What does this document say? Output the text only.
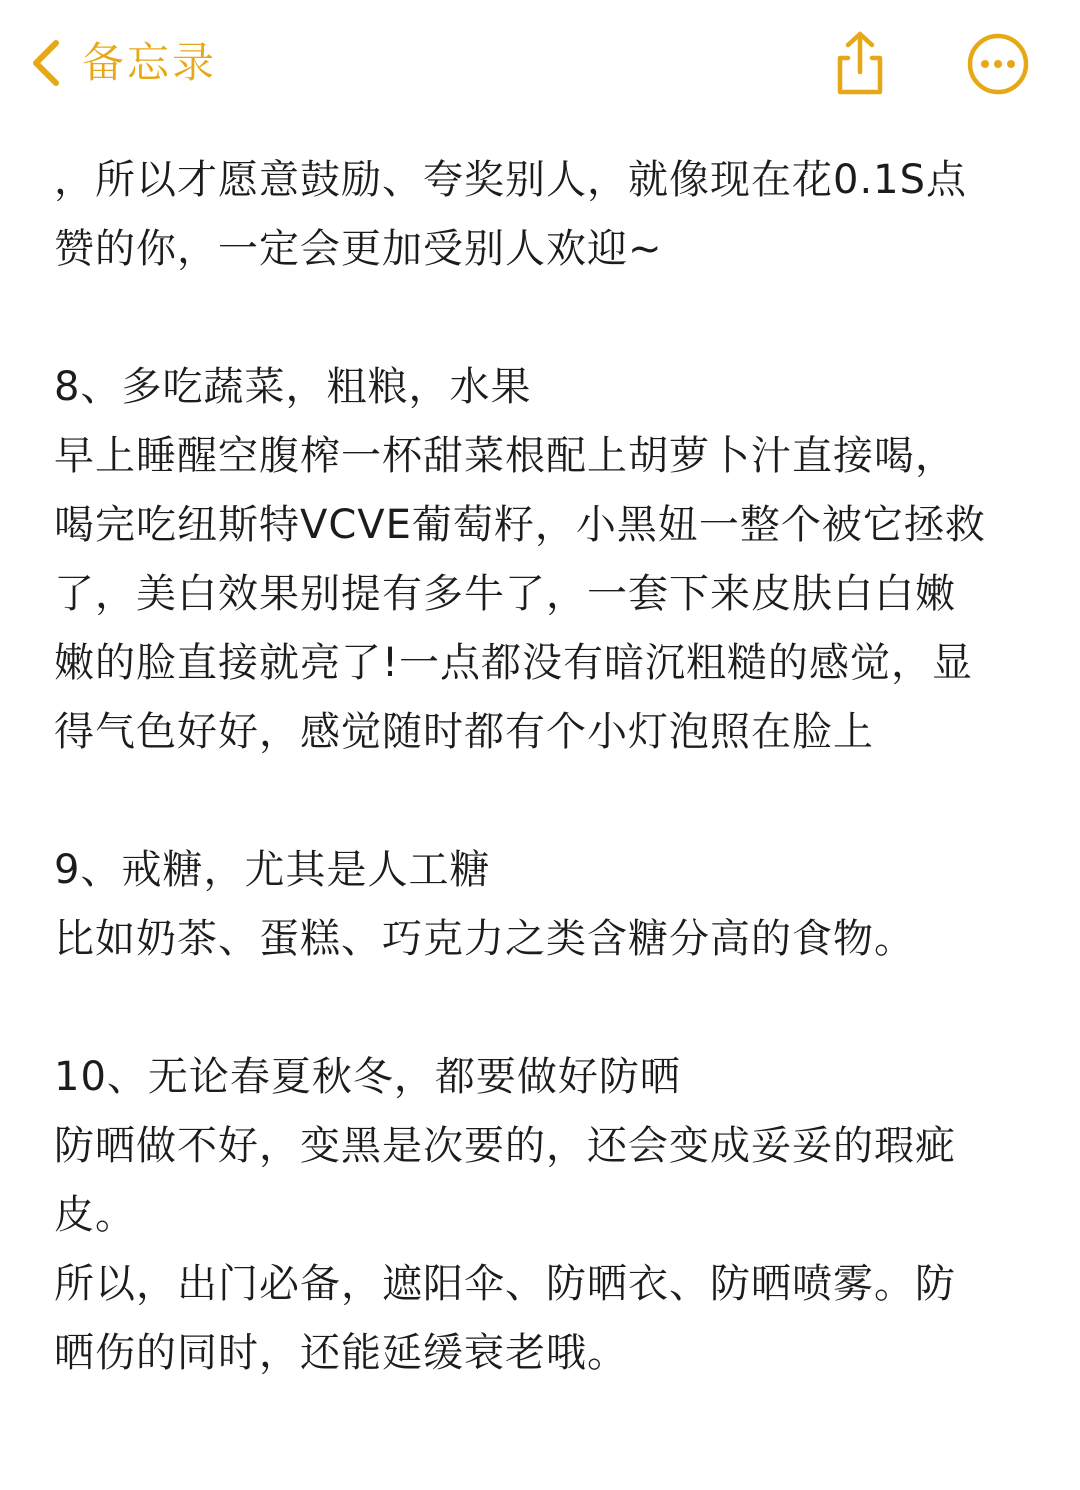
备忘录
，所以才愿意鼓励、夸奖别人，就像现在花0.1S点
赞的你，一定会更加受别人欢迎~
8、多吃蔬菜，粗粮，水果
早上睡醒空腹榨一杯甜菜根配上胡萝卜汁直接喝，
喝完吃纽斯特VCVE葡萄籽，小黑妞一整个被它拯救
了，美白效果别提有多牛了，一套下来皮肤白白嫩
嫩的脸直接就亮了!一点都没有暗沉粗糙的感觉，显
得气色好好，感觉随时都有个小灯泡照在脸上
9、戒糖，尤其是人工糖
比如奶茶、蛋糕、巧克力之类含糖分高的食物。
10、无论春夏秋冬，都要做好防晒
防晒做不好，变黑是次要的，还会变成妥妥的瑕疵
皮。
所以，出门必备，遮阳伞、防晒衣、防晒喷雾。防
晒伤的同时，还能延缓衰老哦。
